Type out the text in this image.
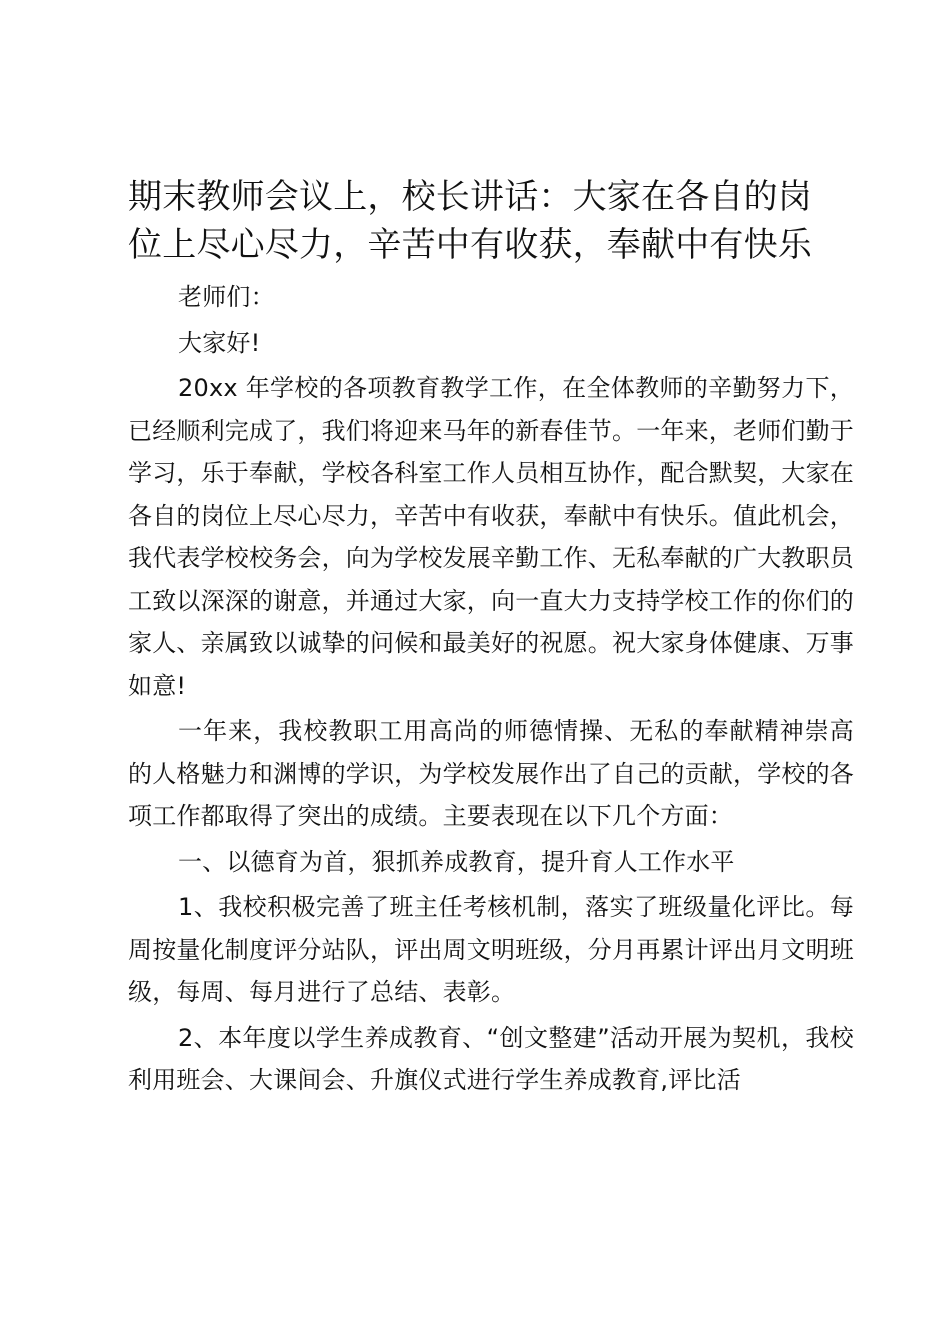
期末教师会议上，校长讲话：大家在各自的岗位上尽心尽力，辛苦中有收获，奉献中有快乐

老师们：

大家好!

20xx 年学校的各项教育教学工作，在全体教师的辛勤努力下，已经顺利完成了，我们将迎来马年的新春佳节。一年来，老师们勤于学习，乐于奉献，学校各科室工作人员相互协作，配合默契，大家在各自的岗位上尽心尽力，辛苦中有收获，奉献中有快乐。值此机会，我代表学校校务会，向为学校发展辛勤工作、无私奉献的广大教职员工致以深深的谢意，并通过大家，向一直大力支持学校工作的你们的家人、亲属致以诚挚的问候和最美好的祝愿。祝大家身体健康、万事如意!

一年来，我校教职工用高尚的师德情操、无私的奉献精神崇高的人格魅力和渊博的学识，为学校发展作出了自己的贡献，学校的各项工作都取得了突出的成绩。主要表现在以下几个方面：

一、以德育为首，狠抓养成教育，提升育人工作水平

1、我校积极完善了班主任考核机制，落实了班级量化评比。每周按量化制度评分站队，评出周文明班级，分月再累计评出月文明班级，每周、每月进行了总结、表彰。

2、本年度以学生养成教育、“创文整建”活动开展为契机，我校利用班会、大课间会、升旗仪式进行学生养成教育,评比活
